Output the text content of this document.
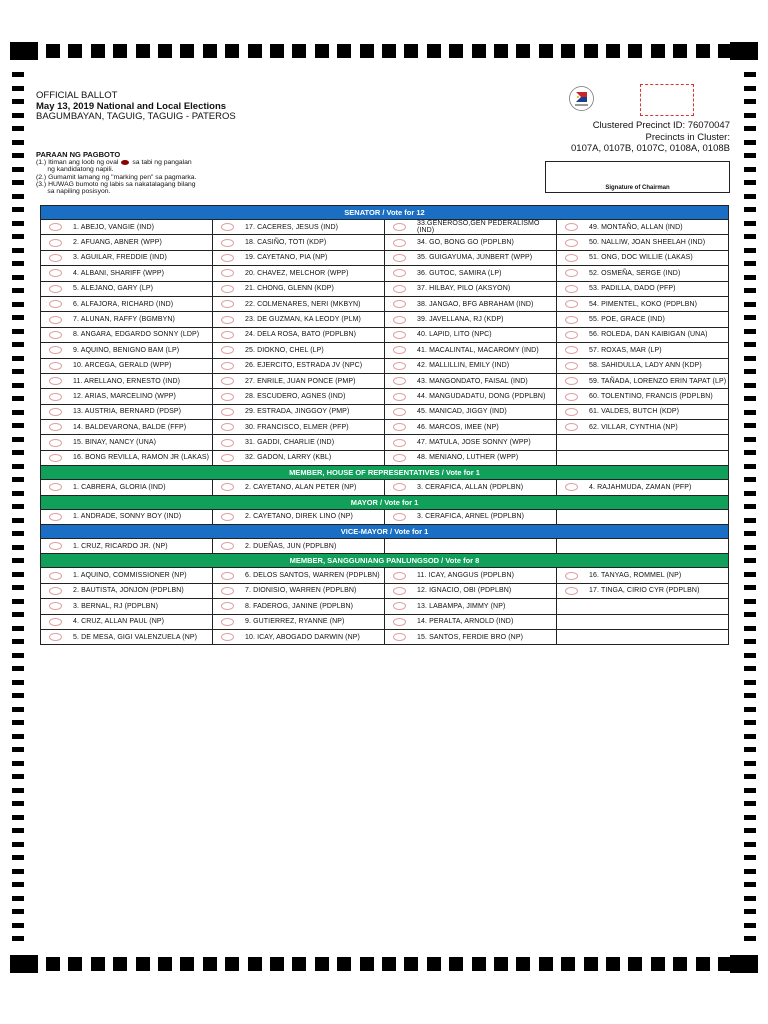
OFFICIAL BALLOT
May 13, 2019 National and Local Elections
BAGUMBAYAN, TAGUIG, TAGUIG - PATEROS
Clustered Precinct ID: 76070047
Precincts in Cluster:
0107A, 0107B, 0107C, 0108A, 0108B
PARAAN NG PAGBOTO
(1.) Itiman ang loob ng oval sa tabi ng pangalan
ng kandidatong napili.
(2.) Gumamit lamang ng "marking pen" sa pagmarka.
(3.) HUWAG bumoto ng labis sa nakatalagang bilang
sa napiling posisyon.
Signature of Chairman
SENATOR / Vote for 12			

1. ABEJO, VANGIE (IND)	17. CACERES, JESUS (IND)	33.GENEROSO,GEN PEDERALISMO (IND)	49. MONTAÑO, ALLAN (IND)

2. AFUANG, ABNER (WPP)	18. CASIÑO, TOTI (KDP)	34. GO, BONG GO (PDPLBN)	50. NALLIW, JOAN SHEELAH (IND)

3. AGUILAR, FREDDIE (IND)	19. CAYETANO, PIA (NP)	35. GUIGAYUMA, JUNBERT (WPP)	51. ONG, DOC WILLIE (LAKAS)

4. ALBANI, SHARIFF (WPP)	20. CHAVEZ, MELCHOR (WPP)	36. GUTOC, SAMIRA (LP)	52. OSMEÑA, SERGE (IND)

5. ALEJANO, GARY (LP)	21. CHONG, GLENN (KDP)	37. HILBAY, PILO (AKSYON)	53. PADILLA, DADO (PFP)

6. ALFAJORA, RICHARD (IND)	22. COLMENARES, NERI (MKBYN)	38. JANGAO, BFG ABRAHAM (IND)	54. PIMENTEL, KOKO (PDPLBN)

7. ALUNAN, RAFFY (BGMBYN)	23. DE GUZMAN, KA LEODY (PLM)	39. JAVELLANA, RJ (KDP)	55. POE, GRACE (IND)

8. ANGARA, EDGARDO SONNY (LDP)	24. DELA ROSA, BATO (PDPLBN)	40. LAPID, LITO (NPC)	56. ROLEDA, DAN KAIBIGAN (UNA)

9. AQUINO, BENIGNO BAM (LP)	25. DIOKNO, CHEL (LP)	41. MACALINTAL, MACAROMY (IND)	57. ROXAS, MAR (LP)

10. ARCEGA, GERALD (WPP)	26. EJERCITO, ESTRADA JV (NPC)	42. MALLILLIN, EMILY (IND)	58. SAHIDULLA, LADY ANN (KDP)

11. ARELLANO, ERNESTO (IND)	27. ENRILE, JUAN PONCE (PMP)	43. MANGONDATO, FAISAL (IND)	59. TAÑADA, LORENZO ERIN TAPAT (LP)

12. ARIAS, MARCELINO (WPP)	28. ESCUDERO, AGNES (IND)	44. MANGUDADATU, DONG (PDPLBN)	60. TOLENTINO, FRANCIS (PDPLBN)

13. AUSTRIA, BERNARD (PDSP)	29. ESTRADA, JINGGOY (PMP)	45. MANICAD, JIGGY (IND)	61. VALDES, BUTCH (KDP)

14. BALDEVARONA, BALDE (FFP)	30. FRANCISCO, ELMER (PFP)	46. MARCOS, IMEE (NP)	62. VILLAR, CYNTHIA (NP)

15. BINAY, NANCY (UNA)	31. GADDI, CHARLIE (IND)	47. MATULA, JOSE SONNY (WPP)	

16. BONG REVILLA, RAMON JR (LAKAS)	32. GADON, LARRY (KBL)	48. MENIANO, LUTHER (WPP)	

MEMBER, HOUSE OF REPRESENTATIVES / Vote for 1			

1. CABRERA, GLORIA (IND)	2. CAYETANO, ALAN PETER (NP)	3. CERAFICA, ALLAN (PDPLBN)	4. RAJAHMUDA, ZAMAN (PFP)

MAYOR / Vote for 1			

1. ANDRADE, SONNY BOY (IND)	2. CAYETANO, DIREK LINO (NP)	3. CERAFICA, ARNEL (PDPLBN)	

VICE-MAYOR / Vote for 1			

1. CRUZ, RICARDO JR. (NP)	2. DUEÑAS, JUN (PDPLBN)		

MEMBER, SANGGUNIANG PANLUNGSOD / Vote for 8			

1. AQUINO, COMMISSIONER (NP)	6. DELOS SANTOS, WARREN (PDPLBN)	11. ICAY, ANGGUS (PDPLBN)	16. TANYAG, ROMMEL (NP)

2. BAUTISTA, JONJON (PDPLBN)	7. DIONISIO, WARREN (PDPLBN)	12. IGNACIO, OBI (PDPLBN)	17. TINGA, CIRIO CYR (PDPLBN)

3. BERNAL, RJ (PDPLBN)	8. FADEROG, JANINE (PDPLBN)	13. LABAMPA, JIMMY (NP)	

4. CRUZ, ALLAN PAUL (NP)	9. GUTIERREZ, RYANNE (NP)	14. PERALTA, ARNOLD (IND)	

5. DE MESA, GIGI VALENZUELA (NP)	10. ICAY, ABOGADO DARWIN (NP)	15. SANTOS, FERDIE BRO (NP)	
